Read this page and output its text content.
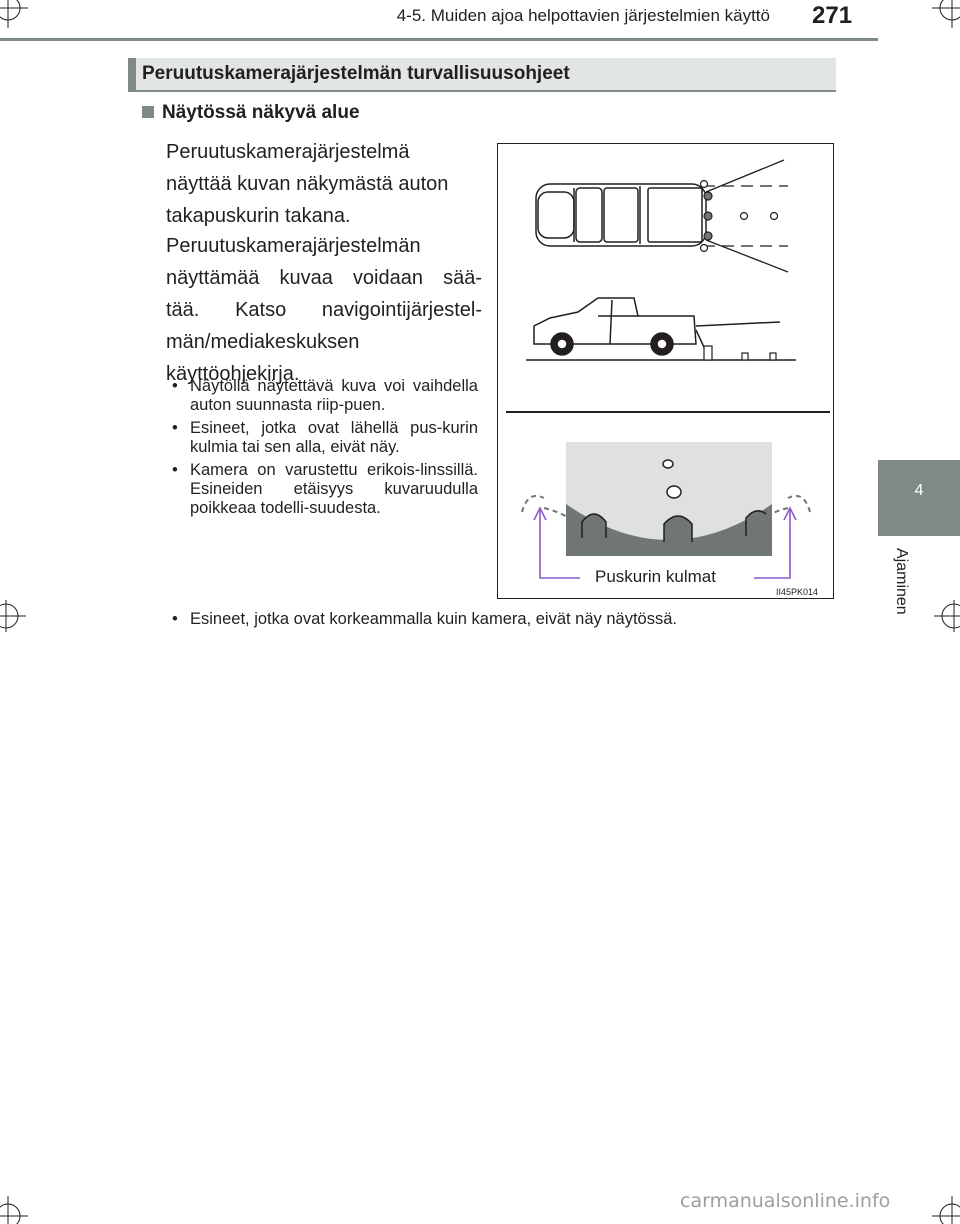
4-5. Muiden ajoa helpottavien järjestelmien käyttö 271
4
Ajaminen
Peruutuskamerajärjestelmän turvallisuusohjeet
Näytössä näkyvä alue
Peruutuskamerajärjestelmä
näyttää kuvan näkymästä auton
takapuskurin takana.
Peruutuskamerajärjestelmän
näyttämää kuvaa voidaan sää-
tää. Katso navigointijärjestel-
män/mediakeskuksen
käyttöohjekirja.
• Näytöllä näytettävä kuva voi vaihdella auton suunnasta riip-puen.
• Esineet, jotka ovat lähellä pus-kurin kulmia tai sen alla, eivät näy.
• Kamera on varustettu erikois-linssillä. Esineiden etäisyys kuvaruudulla poikkeaa todelli-suudesta.
• Esineet, jotka ovat korkeammalla kuin kamera, eivät näy näytössä.
Puskurin kulmat
II45PK014
carmanualsonline.info
